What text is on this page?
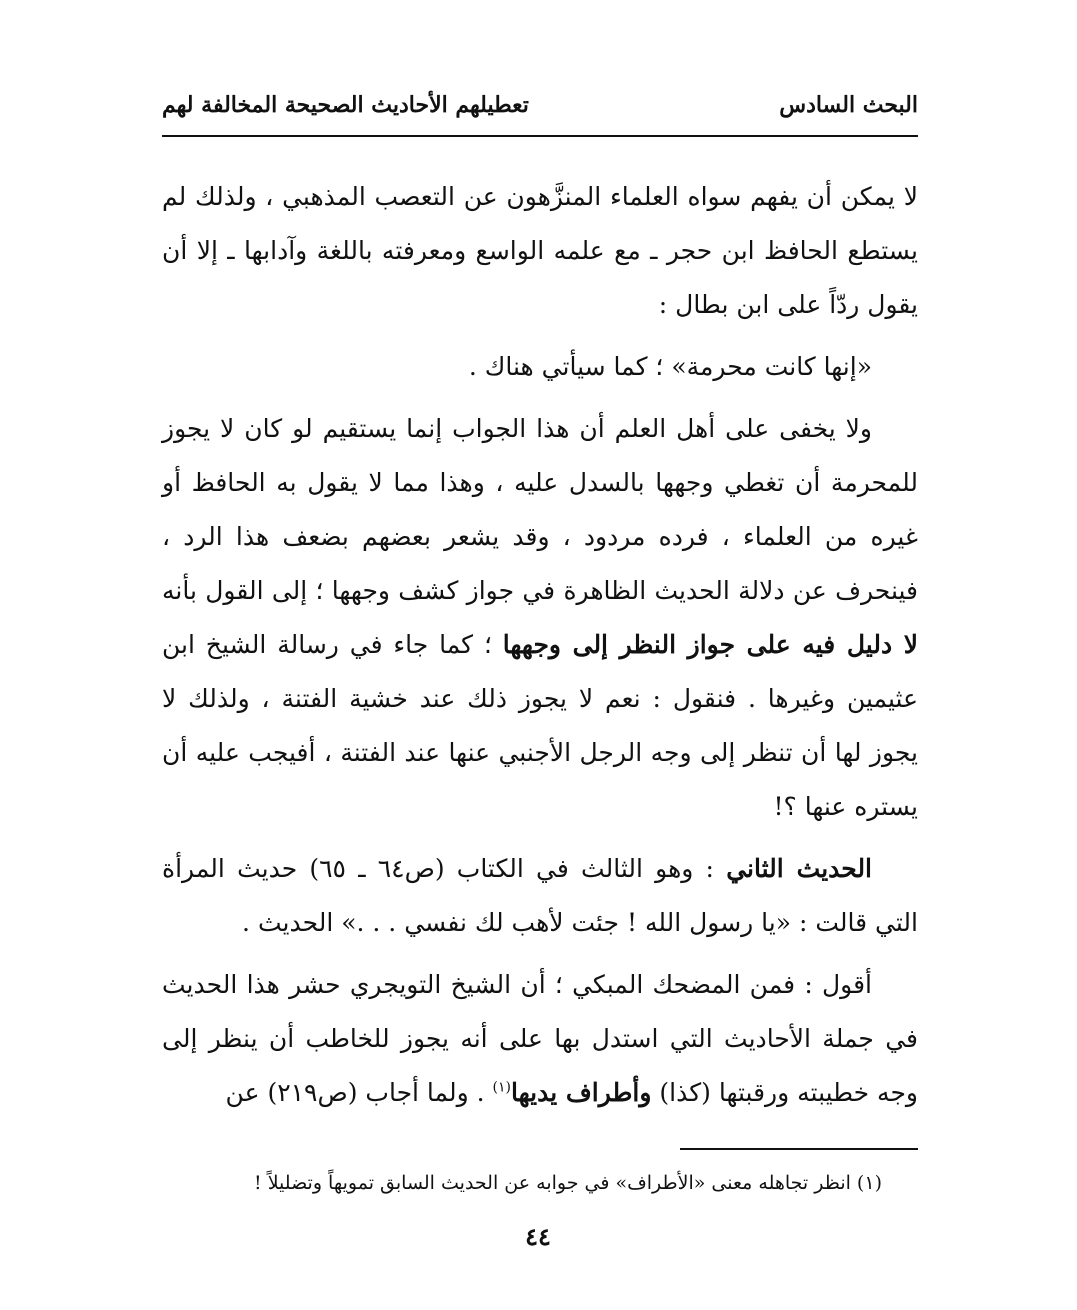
البحث السادس
تعطيلهم الأحاديث الصحيحة المخالفة لهم

لا يمكن أن يفهم سواه العلماء المنزَّهون عن التعصب المذهبي ، ولذلك لم يستطع الحافظ ابن حجر ـ مع علمه الواسع ومعرفته باللغة وآدابها ـ إلا أن يقول ردّاً على ابن بطال :

«إنها كانت محرمة» ؛ كما سيأتي هناك .

ولا يخفى على أهل العلم أن هذا الجواب إنما يستقيم لو كان لا يجوز للمحرمة أن تغطي وجهها بالسدل عليه ، وهذا مما لا يقول به الحافظ أو غيره من العلماء ، فرده مردود ، وقد يشعر بعضهم بضعف هذا الرد ، فينحرف عن دلالة الحديث الظاهرة في جواز كشف وجهها ؛ إلى القول بأنه لا دليل فيه على جواز النظر إلى وجهها ؛ كما جاء في رسالة الشيخ ابن عثيمين وغيرها . فنقول : نعم لا يجوز ذلك عند خشية الفتنة ، ولذلك لا يجوز لها أن تنظر إلى وجه الرجل الأجنبي عنها عند الفتنة ، أفيجب عليه أن يستره عنها ؟!

الحديث الثاني : وهو الثالث في الكتاب (ص٦٤ ـ ٦٥) حديث المرأة التي قالت : «يا رسول الله ! جئت لأهب لك نفسي . . .» الحديث .

أقول : فمن المضحك المبكي ؛ أن الشيخ التويجري حشر هذا الحديث في جملة الأحاديث التي استدل بها على أنه يجوز للخاطب أن ينظر إلى وجه خطيبته ورقبتها (كذا) وأطراف يديها$^{(١)}$ . ولما أجاب (ص٢١٩) عن

(١) انظر تجاهله معنى «الأطراف» في جوابه عن الحديث السابق تمويهاً وتضليلاً !
٤٤
